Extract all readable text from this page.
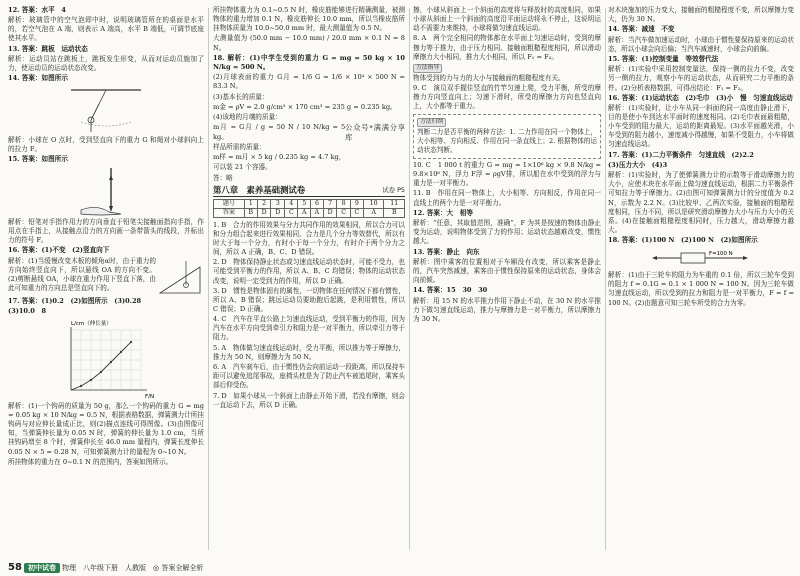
12. 答案：水平　4

解析：玻璃管中的空气泡即中时，说明玻璃管所在的桌面是水平的，若空气泡在 A 端，则表示 A 端高，水平 B 端低，可调节底座使其水平。

13. 答案：跳板　运动状态

解析：运动员站在跳板上，跳板发生形变，从而对运动员施加了力，使运动员的运动状态改变。

14. 答案：如图所示

解析：小球在 O 点时，受到竖直向下的重力 G 和绳对小球斜向上的拉力 F。

15. 答案：如图所示

解析：铅笔对手指作用力的方向垂直于铅笔尖接触面指向手指，作用点在手指上，从接触点沿力的方向画一条带箭头的线段，并标出力的符号 F。

16. 答案：(1)不变　(2)竖直向下

解析：(1)当缓慢改变木板的倾角α时，由于重力的方向始终竖直向下，所以悬线 OA 的方向不变。(2)剪断悬线 OA，小球在重力作用下竖直下落，由此可知重力的方向总是竖直向下的。

17. 答案：(1)0.2　(2)如图所示　(3)0.28

(3)10.0　8

L/cm（伸长量）
F/N

解析：(1)一个钩码的质量为 50 g，那么一个钩码的重力 G = mg = 0.05 kg × 10 N/kg = 0.5 N，根据表格数据，弹簧测力计所挂钩码与对应伸长量成正比，则(2)描点连线可得图像。(3)由图像可知，当弹簧伸长量为 0.05 N 时，弹簧的伸长量为 1.0 cm，当所挂钩码增至 8 个时，弹簧伸长至 46.0 mm 量程内，弹簧长度伸长 0.05 N × 5 = 0.28 N，可知弹簧测力计的量程为 0~10 N。

所挂物体的重力在 0~0.1 N 的范围内，答案如图所示。

所挂物体重力为 0.1~0.5 N 时，橡皮筋能够进行精确测量，被测物体的重力增加 0.1 N，橡皮筋伸长 10.0 mm，所以当橡皮筋所挂物体质量为 10.0~50.0 mm 时，最大测量值为 0.5 N。

大测量值为 (50.0 mm − 10.0 mm) / 20.0 mm × 0.1 N = 8 N。

18. 解析：(1)中学生受到的重力 G = mg = 50 kg × 10 N/kg = 500 N。

(2)月球表面的重力 G月 = 1/6 G = 1/6 × 10⁴ × 500 N = 83.3 N。

(3)基本长的质量：

m金 = ρV = 2.0 g/cm³ × 170 cm³ = 235 g = 0.235 kg。

(4)该地的月壤的质量：

m月 = G月 / g = 50 N / 10 N/kg = 5 kg。

公众号*满满分享库

样品所需的质量：

m样 = m月 × 5 kg / 0.235 kg = 4.7 kg，

可以装 21 个容器。

答：略

第八章　素养基础测试卷	试卷 P5
题号	1	2	3	4	5	6	7	8	9	10	11
答案	B	D	D	C	A	A	D	C	C	A	B

1. B　合力的作用效果与分力共同作用的效果相同，所以合力可以和分力组合起来进行效果相同，合力是几个分力等效替代，所以有时大于每一个分力，有时小于每一个分力，有时介于两个分力之间，所以 A 正确，B、C、D 错误。

2. D　物体保持静止状态或匀速直线运动状态时，可能不受力，也可能受到平衡力的作用，所以 A、B、C 均错误；物体的运动状态改变，说明一定受到力的作用，所以 D 正确。

3. D　惯性是物体固有的属性，一切物体在任何情况下都有惯性，所以 A、B 错误；跳远运动员要助跑后起跳，是利用惯性，所以 C 错误；D 正确。

4. C　汽车在平直公路上匀速直线运动，受到平衡力的作用，因为汽车在水平方向受到牵引力和阻力是一对平衡力，所以牵引力等于阻力。

5. A　物体做匀速直线运动时，受力平衡，所以推力等于摩擦力，推力为 50 N，则摩擦力为 50 N。

6. A　汽车刹车后，由于惯性仍会向前运动一段距离，所以保持车距可以避免追尾事故，座椅头枕是为了防止汽车被追尾时，乘客头部后仰受伤。

7. D　如果小球从一个斜面上由静止开始下滑，若没有摩擦，则会一直运动下去，所以 D 正确。

擦，小球从斜面上一个斜面的高度将与释放时的高度相同，如果小球从斜面上一个斜面的高度沿平面运动将永不停止，这说明运动不需要力来维持，小球将做匀速直线运动。

8. A　两个完全相同的物体都在水平面上匀速运动时，受到的摩擦力等于推力，由于压力相同、接触面粗糙程度相同，所以滑动摩擦力大小相同，推力大小相同，所以 F₁ = F₂。

方法指导

物体受到的力与力的大小与接触面的粗糙程度有关。

9. C　演员双手握住竖直的竹竿匀速上爬，受力平衡，所受的摩擦力方向竖直向上；匀速下滑时，所受的摩擦力方向也竖直向上，大小都等于重力。

方法归纳

判断二力是否平衡的两种方法：1. 二力作用在同一个物体上，大小相等、方向相反、作用在同一条直线上；2. 根据物体的运动状态判断。

10. C　1 000 t 的重力 G = mg = 1×10⁶ kg × 9.8 N/kg = 9.8×10⁶ N，浮力 F浮 = ρgV排，所以船在水中受到的浮力与重力是一对平衡力。

11. B　作用在同一物体上，大小相等、方向相反，作用在同一直线上的两个力是一对平衡力。

12. 答案：大　相等

解析：“任意，其取值范围，准确”，F 为其是按速的物体由静止变为运动，说明物体受到了力的作用；运动状态越难改变，惯性越大。

13. 答案：静止　向东

解析：图中乘客的位置相对于车厢没有改变，所以乘客是静止的，汽车突然减速，乘客由于惯性保持原来的运动状态，身体会向前倾。

14. 答案：15　30　30

解析：用 15 N 的水平推力作用下静止不动，在 30 N 的水平推力下做匀速直线运动，推力与摩擦力是一对平衡力，所以摩擦力为 30 N。

对木块施加的压力变大，接触面的粗糙程度不变，所以摩擦力变大，仍为 30 N。

14. 答案：减速　不变

解析：当汽车做加速运动时，小球由于惯性要保持原来的运动状态，所以小球会向后偏；当汽车减速时，小球会向前偏。

15. 答案：(1)控制变量　等效替代法

解析：(1)实验中采用控制变量法，保持一侧的拉力不变，改变另一侧的拉力，观察小车的运动状态，从而研究二力平衡的条件。(2)分析表格数据，可得出结论：F₁ = F₂。

16. 答案：(1)运动状态　(2)毛巾　(3)小　慢　匀速直线运动

解析：(1)实验时，让小车从同一斜面的同一高度由静止滑下，目的是使小车到达水平面时的速度相同。(2)毛巾表面最粗糙，小车受到的阻力最大，运动的距离最短。(3)水平面越光滑，小车受到的阻力越小，速度减小得越慢，如果不受阻力，小车将做匀速直线运动。

17. 答案：(1)二力平衡条件　匀速直线　(2)2.2

(3)压力大小　(4)3

解析：(1)实验时，为了使弹簧测力计的示数等于滑动摩擦力的大小，应使木块在水平面上做匀速直线运动，根据二力平衡条件可知拉力等于摩擦力。(2)由图可知弹簧测力计的分度值为 0.2 N，示数为 2.2 N。(3)比较甲、乙两次实验，接触面的粗糙程度相同，压力不同，所以是研究滑动摩擦力大小与压力大小的关系。(4)在接触面粗糙程度相同时，压力越大，滑动摩擦力越大。

18. 答案：(1)100 N　(2)100 N　(2)如图所示

F=100 N

解析：(1)由于三轮车的阻力为车重的 0.1 倍，所以三轮车受到的阻力 f = 0.1G = 0.1 × 1 000 N = 100 N。因为三轮车做匀速直线运动，所以受到的拉力和阻力是一对平衡力，F = f = 100 N。(2)由题意可知三轮车所受的合力为零。

58 初中试卷 物理　八年级下册　人教版　◎ 答案全解全析
